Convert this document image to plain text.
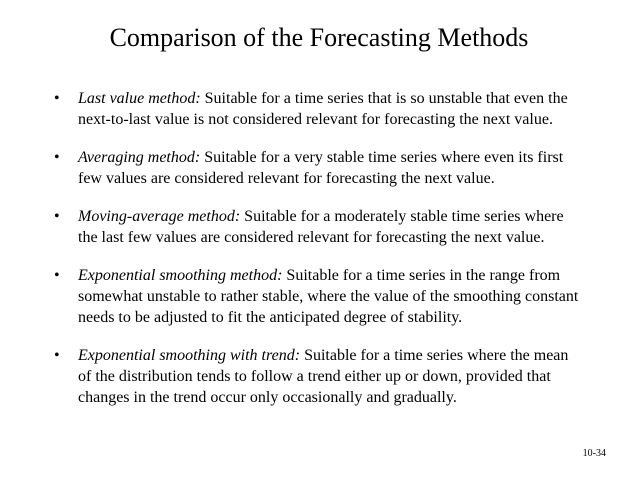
Comparison of the Forecasting Methods
• Last value method: Suitable for a time series that is so unstable that even the
next-to-last value is not considered relevant for forecasting the next value.
• Averaging method: Suitable for a very stable time series where even its first
few values are considered relevant for forecasting the next value.
• Moving-average method: Suitable for a moderately stable time series where
the last few values are considered relevant for forecasting the next value.
• Exponential smoothing method: Suitable for a time series in the range from
somewhat unstable to rather stable, where the value of the smoothing constant
needs to be adjusted to fit the anticipated degree of stability.
• Exponential smoothing with trend: Suitable for a time series where the mean
of the distribution tends to follow a trend either up or down, provided that
changes in the trend occur only occasionally and gradually.
10-34
